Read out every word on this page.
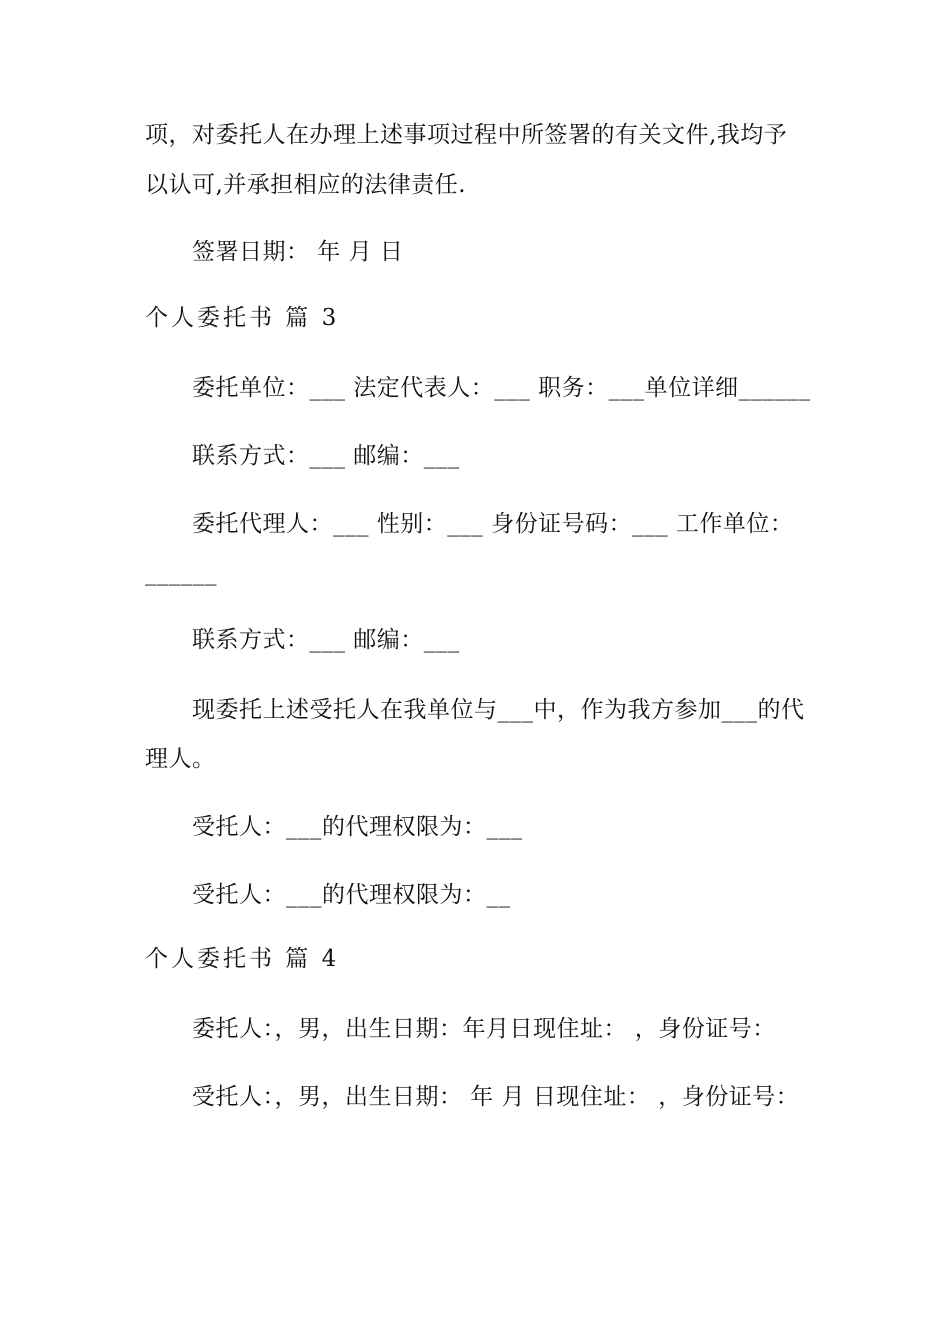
项，对委托人在办理上述事项过程中所签署的有关文件,我均予
以认可,并承担相应的法律责任.
签署日期： 年 月 日
个人委托书 篇 3
委托单位：___ 法定代表人：___ 职务：___单位详细______
联系方式：___ 邮编：___
委托代理人：___ 性别：___ 身份证号码：___ 工作单位：
______
联系方式：___ 邮编：___
现委托上述受托人在我单位与___中，作为我方参加___的代
理人。
受托人：___的代理权限为：___
受托人：___的代理权限为：__
个人委托书 篇 4
委托人：，男，出生日期：年月日现住址： ，身份证号：
受托人：，男，出生日期： 年 月 日现住址： ，身份证号：
